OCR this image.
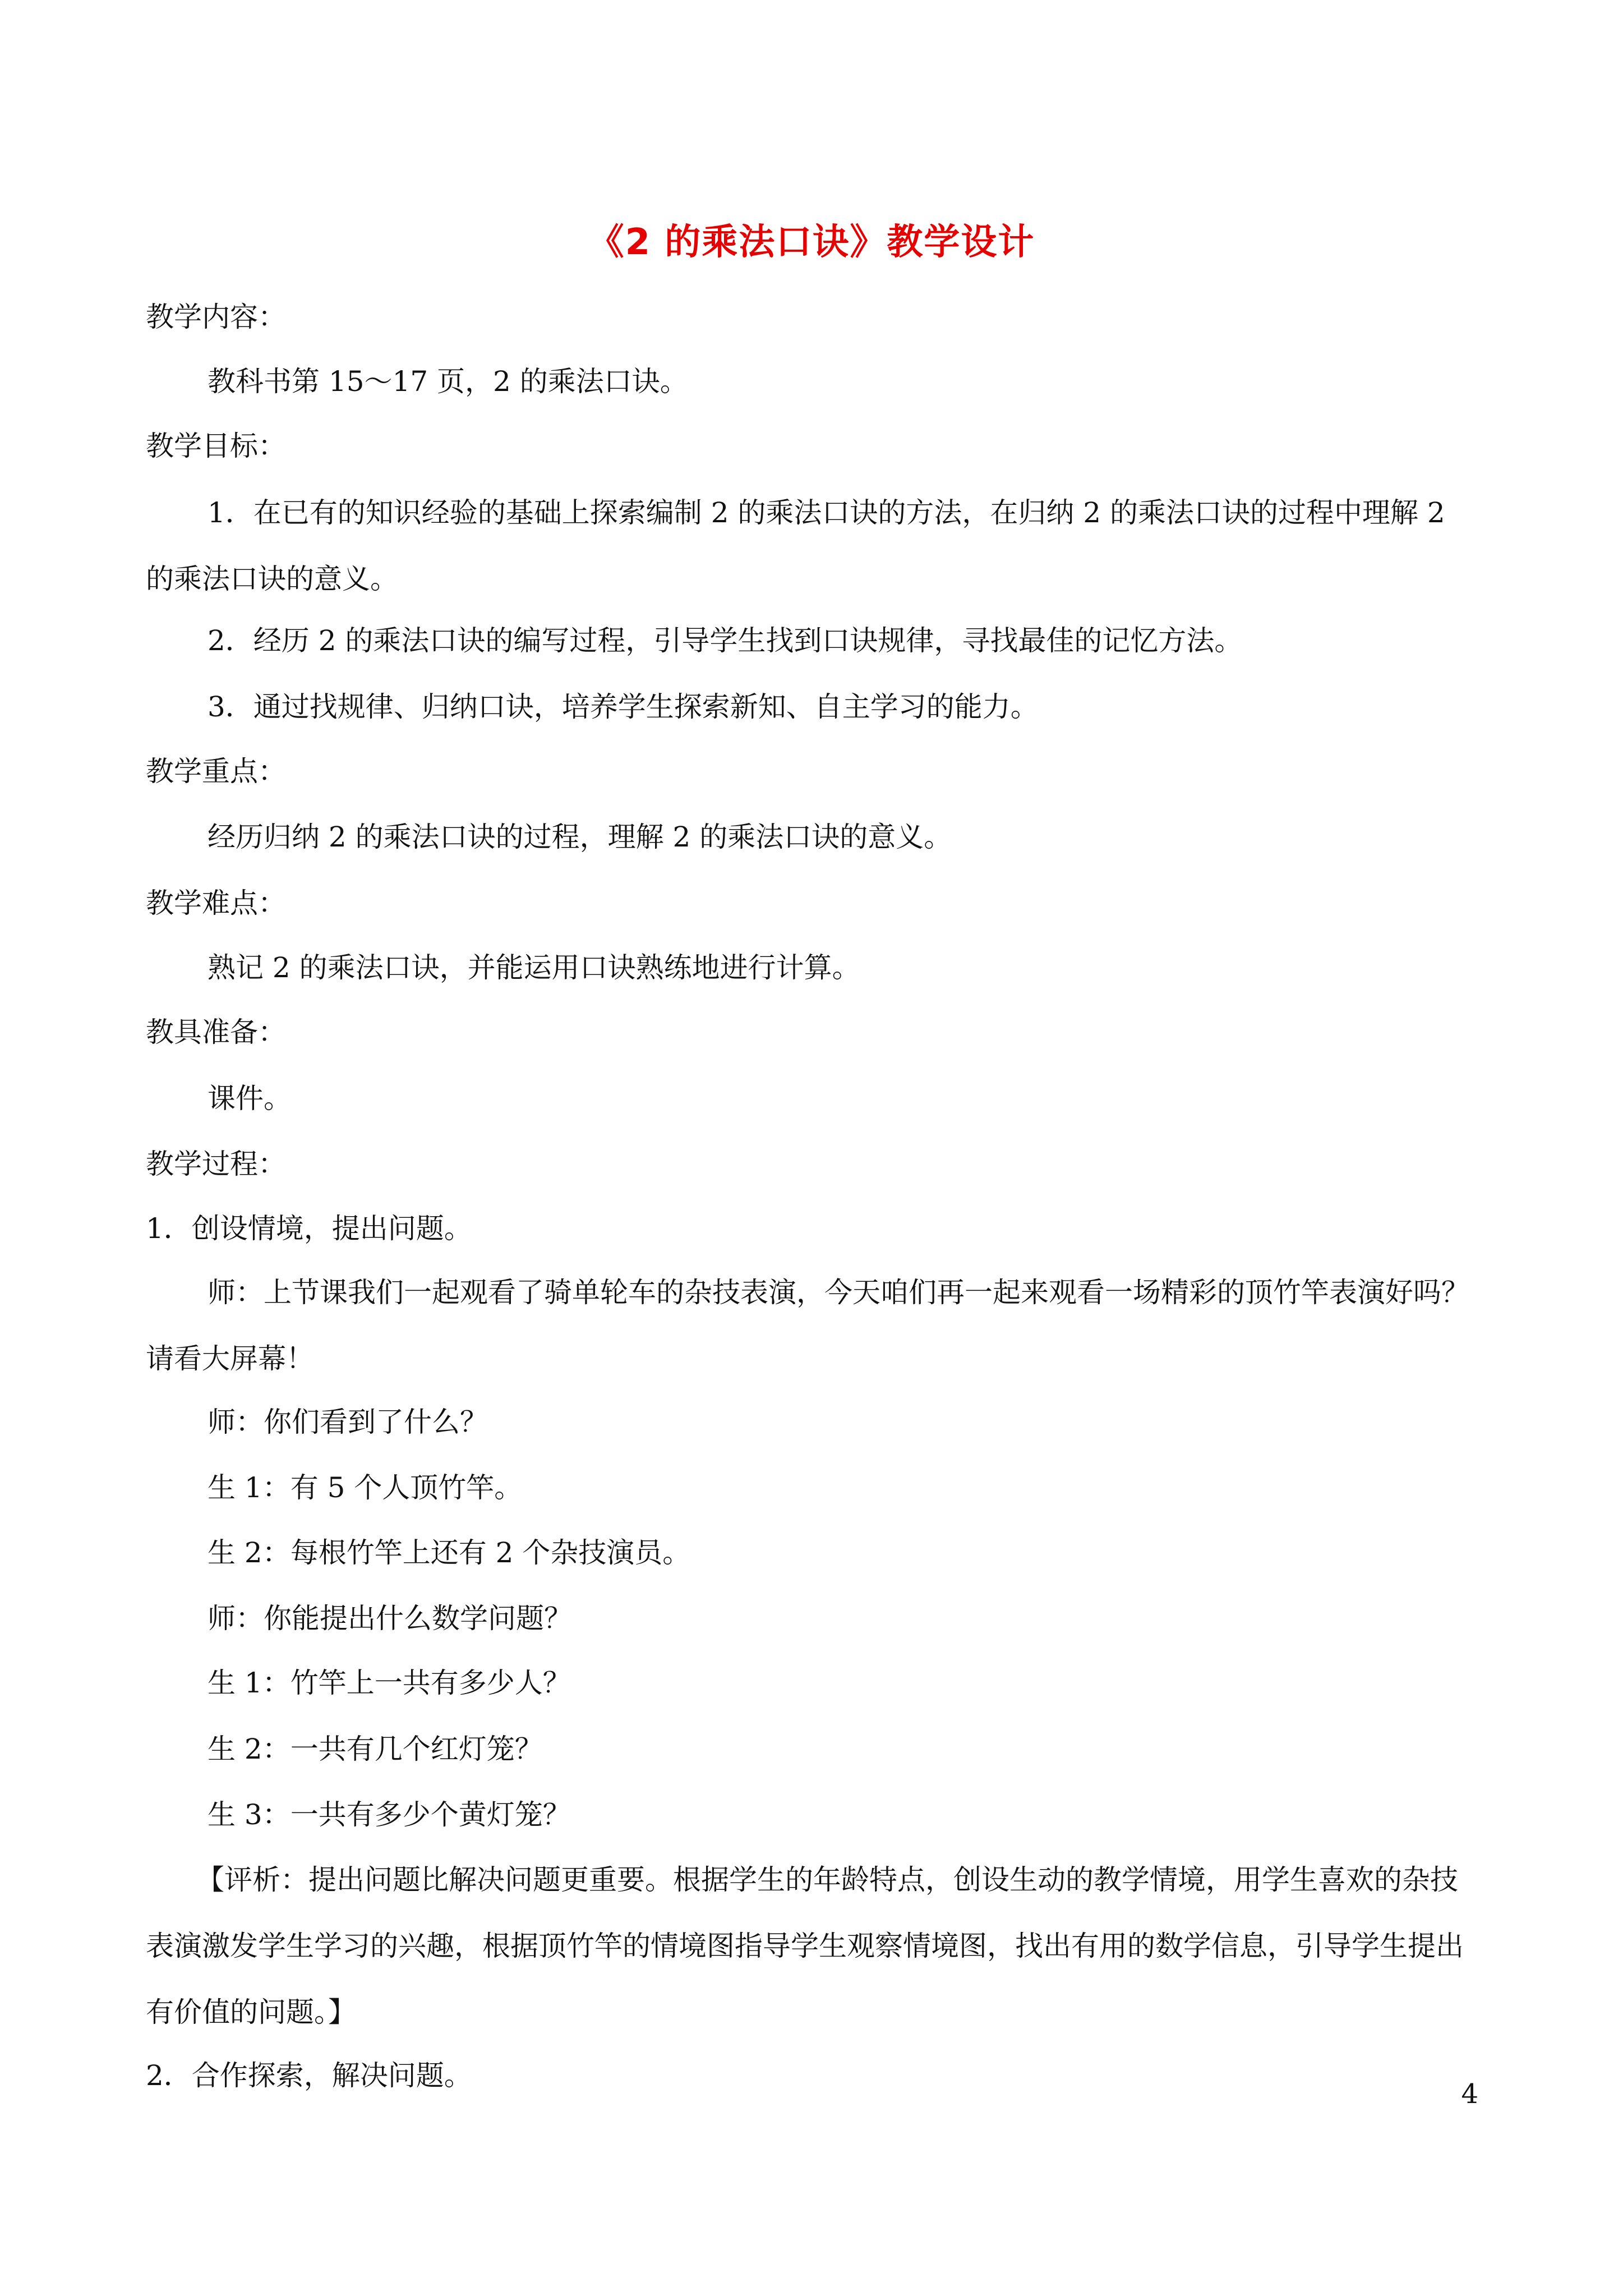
《2 的乘法口诀》教学设计
教学内容：
教科书第 15～17 页，2 的乘法口诀。
教学目标：
1．在已有的知识经验的基础上探索编制 2 的乘法口诀的方法，在归纳 2 的乘法口诀的过程中理解 2 的乘法口诀的意义。
2．经历 2 的乘法口诀的编写过程，引导学生找到口诀规律，寻找最佳的记忆方法。
3．通过找规律、归纳口诀，培养学生探索新知、自主学习的能力。
教学重点：
经历归纳 2 的乘法口诀的过程，理解 2 的乘法口诀的意义。
教学难点：
熟记 2 的乘法口诀，并能运用口诀熟练地进行计算。
教具准备：
课件。
教学过程：
1．创设情境，提出问题。
师：上节课我们一起观看了骑单轮车的杂技表演，今天咱们再一起来观看一场精彩的顶竹竿表演好吗？请看大屏幕！
师：你们看到了什么？
生 1：有 5 个人顶竹竿。
生 2：每根竹竿上还有 2 个杂技演员。
师：你能提出什么数学问题？
生 1：竹竿上一共有多少人？
生 2：一共有几个红灯笼？
生 3：一共有多少个黄灯笼？
【评析：提出问题比解决问题更重要。根据学生的年龄特点，创设生动的教学情境，用学生喜欢的杂技表演激发学生学习的兴趣，根据顶竹竿的情境图指导学生观察情境图，找出有用的数学信息，引导学生提出有价值的问题。】
2．合作探索，解决问题。
4
